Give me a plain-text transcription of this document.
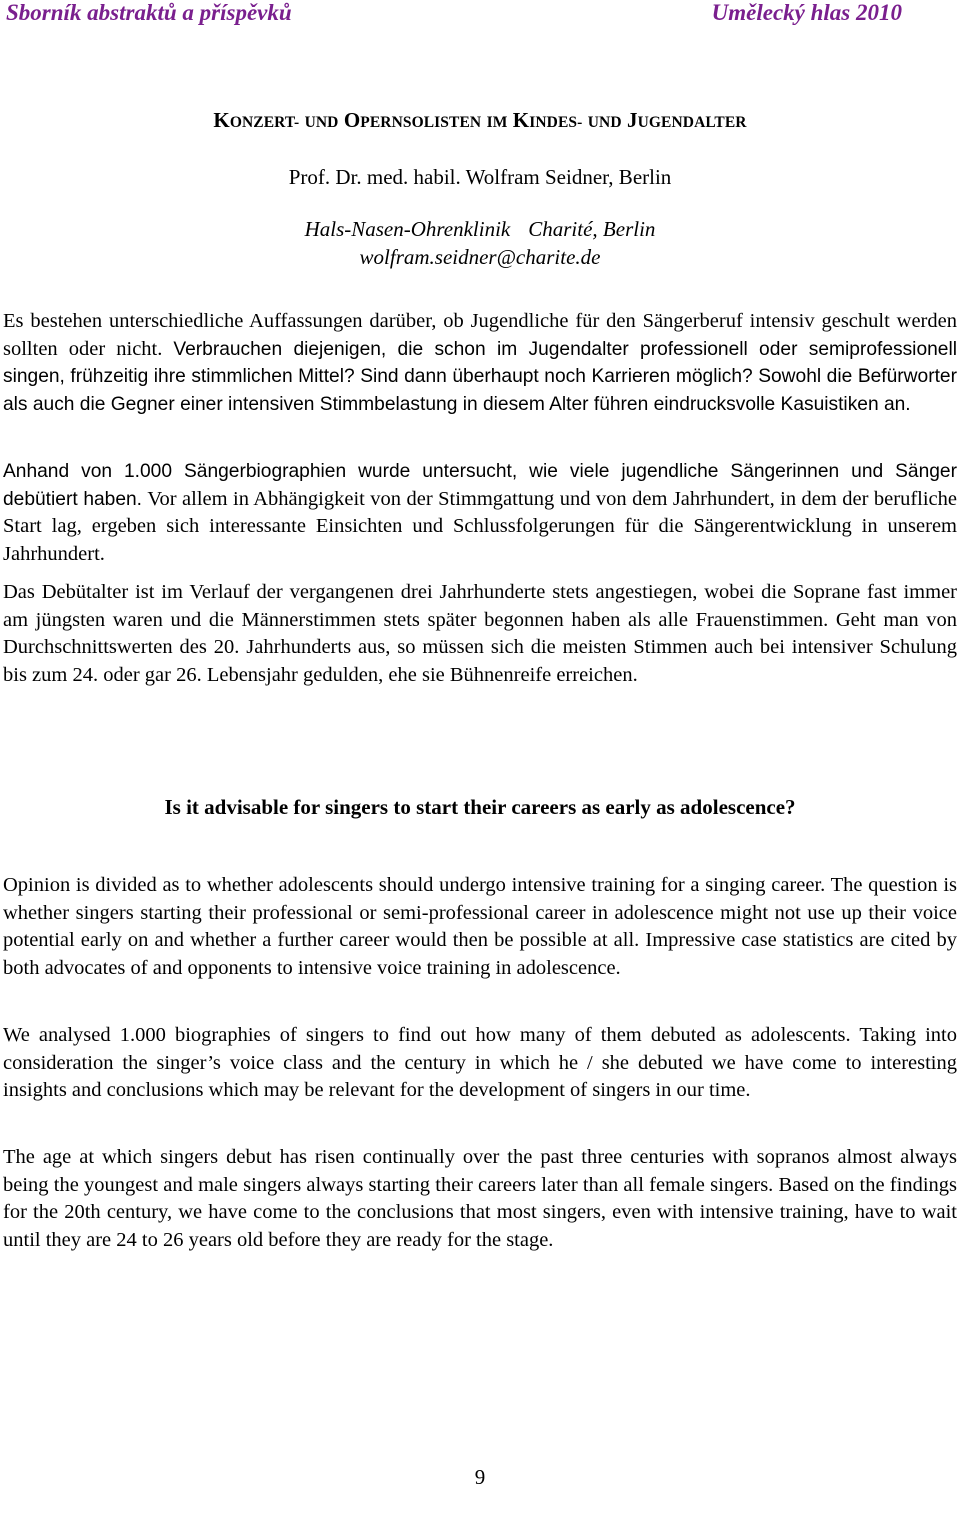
Sborník abstraktů a příspěvků	Umělecký hlas 2010
KONZERT- UND OPERNSOLISTEN IM KINDES- UND JUGENDALTER
Prof. Dr. med. habil. Wolfram Seidner, Berlin
Hals-Nasen-Ohrenklinik Charité, Berlin
wolfram.seidner@charite.de

Es bestehen unterschiedliche Auffassungen darüber, ob Jugendliche für den Sängerberuf intensiv geschult werden sollten oder nicht. Verbrauchen diejenigen, die schon im Jugendalter professionell oder semiprofessionell singen, frühzeitig ihre stimmlichen Mittel? Sind dann überhaupt noch Karrieren möglich? Sowohl die Befürworter als auch die Gegner einer intensiven Stimmbelastung in diesem Alter führen eindrucksvolle Kasuistiken an.

Anhand von 1.000 Sängerbiographien wurde untersucht, wie viele jugendliche Sängerinnen und Sänger debütiert haben. Vor allem in Abhängigkeit von der Stimmgattung und von dem Jahrhundert, in dem der berufliche Start lag, ergeben sich interessante Einsichten und Schlussfolgerungen für die Sängerentwicklung in unserem Jahrhundert.

Das Debütalter ist im Verlauf der vergangenen drei Jahrhunderte stets angestiegen, wobei die Soprane fast immer am jüngsten waren und die Männerstimmen stets später begonnen haben als alle Frauenstimmen. Geht man von Durchschnittswerten des 20. Jahrhunderts aus, so müssen sich die meisten Stimmen auch bei intensiver Schulung bis zum 24. oder gar 26. Lebensjahr gedulden, ehe sie Bühnenreife erreichen.

Is it advisable for singers to start their careers as early as adolescence?

Opinion is divided as to whether adolescents should undergo intensive training for a singing career. The question is whether singers starting their professional or semi-professional career in adolescence might not use up their voice potential early on and whether a further career would then be possible at all. Impressive case statistics are cited by both advocates of and opponents to intensive voice training in adolescence.

We analysed 1.000 biographies of singers to find out how many of them debuted as adolescents. Taking into consideration the singer’s voice class and the century in which he / she debuted we have come to interesting insights and conclusions which may be relevant for the development of singers in our time.

The age at which singers debut has risen continually over the past three centuries with sopranos almost always being the youngest and male singers always starting their careers later than all female singers. Based on the findings for the 20th century, we have come to the conclusions that most singers, even with intensive training, have to wait until they are 24 to 26 years old before they are ready for the stage.

9
